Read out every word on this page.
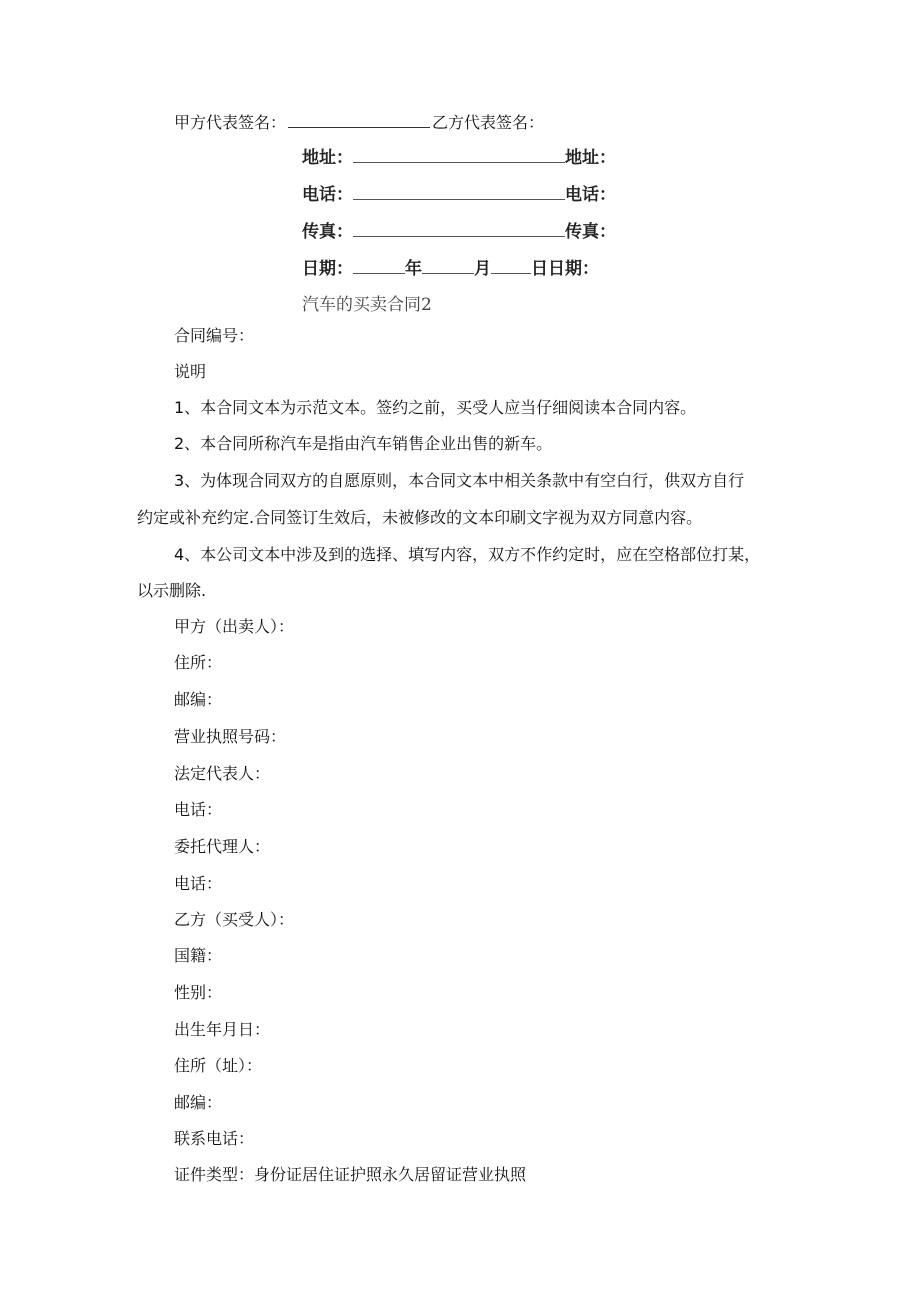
甲方代表签名：	乙方代表签名：
地址：	地址：
电话：	电话：
传真：	传真：
日期：	年	月 日日期：
汽车的买卖合同2
合同编号：
说明
1、本合同文本为示范文本。签约之前，买受人应当仔细阅读本合同内容。
2、本合同所称汽车是指由汽车销售企业出售的新车。
3、为体现合同双方的自愿原则，本合同文本中相关条款中有空白行，供双方自行
约定或补充约定.合同签订生效后，未被修改的文本印刷文字视为双方同意内容。
4、本公司文本中涉及到的选择、填写内容，双方不作约定时，应在空格部位打某，
以示删除.
甲方（出卖人）：
住所：
邮编：
营业执照号码：
法定代表人：
电话：
委托代理人：
电话：
乙方（买受人）：
国籍：
性别：
出生年月日：
住所（址）：
邮编：
联系电话：
证件类型：身份证居住证护照永久居留证营业执照
